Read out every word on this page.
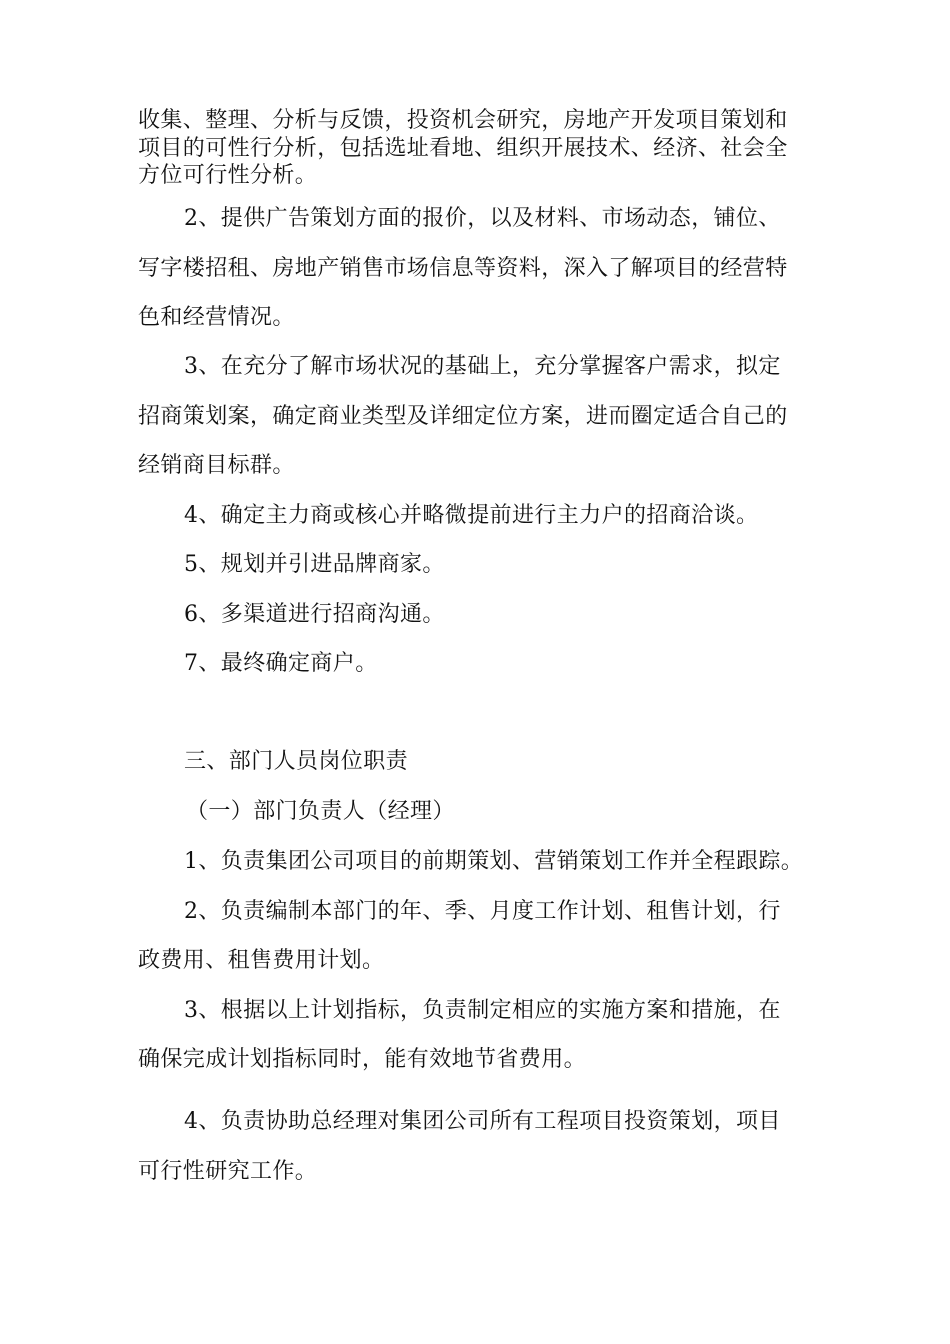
收集、整理、分析与反馈，投资机会研究，房地产开发项目策划和
项目的可性行分析，包括选址看地、组织开展技术、经济、社会全
方位可行性分析。
2、提供广告策划方面的报价，以及材料、市场动态，铺位、
写字楼招租、房地产销售市场信息等资料，深入了解项目的经营特
色和经营情况。
3、在充分了解市场状况的基础上，充分掌握客户需求，拟定
招商策划案，确定商业类型及详细定位方案，进而圈定适合自己的
经销商目标群。
4、确定主力商或核心并略微提前进行主力户的招商洽谈。
5、规划并引进品牌商家。
6、多渠道进行招商沟通。
7、最终确定商户。
三、部门人员岗位职责
（一）部门负责人（经理）
1、负责集团公司项目的前期策划、营销策划工作并全程跟踪。
2、负责编制本部门的年、季、月度工作计划、租售计划，行
政费用、租售费用计划。
3、根据以上计划指标，负责制定相应的实施方案和措施，在
确保完成计划指标同时，能有效地节省费用。
4、负责协助总经理对集团公司所有工程项目投资策划，项目
可行性研究工作。
